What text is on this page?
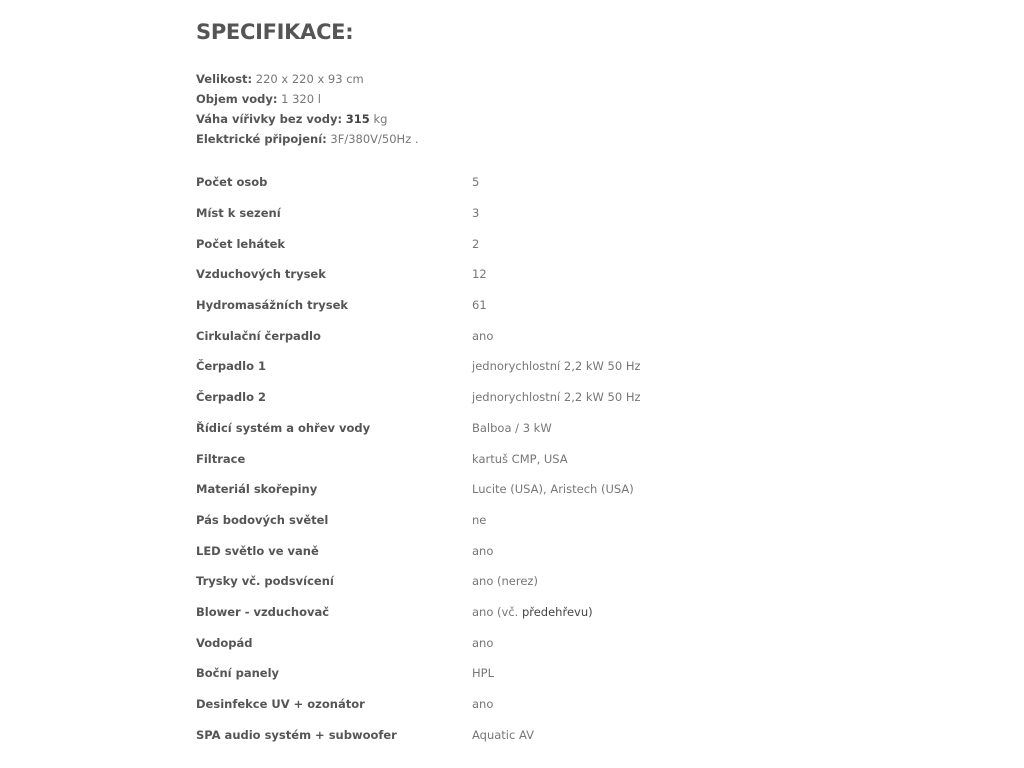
SPECIFIKACE:
Velikost: 220 x 220 x 93 cm
Objem vody: 1 320 l
Váha vířivky bez vody: 315 kg
Elektrické připojení: 3F/380V/50Hz .
Počet osob	5
Míst k sezení	3
Počet lehátek	2
Vzduchových trysek	12
Hydromasážních trysek	61
Cirkulační čerpadlo	ano
Čerpadlo 1	jednorychlostní 2,2 kW 50 Hz
Čerpadlo 2	jednorychlostní 2,2 kW 50 Hz
Řídicí systém a ohřev vody	Balboa / 3 kW
Filtrace	kartuš CMP, USA
Materiál skořepiny	Lucite (USA), Aristech (USA)
Pás bodových světel	ne
LED světlo ve vaně	ano
Trysky vč. podsvícení	ano (nerez)
Blower - vzduchovač	ano (vč. předehřevu)
Vodopád	ano
Boční panely	HPL
Desinfekce UV + ozonátor	ano
SPA audio systém + subwoofer	Aquatic AV
